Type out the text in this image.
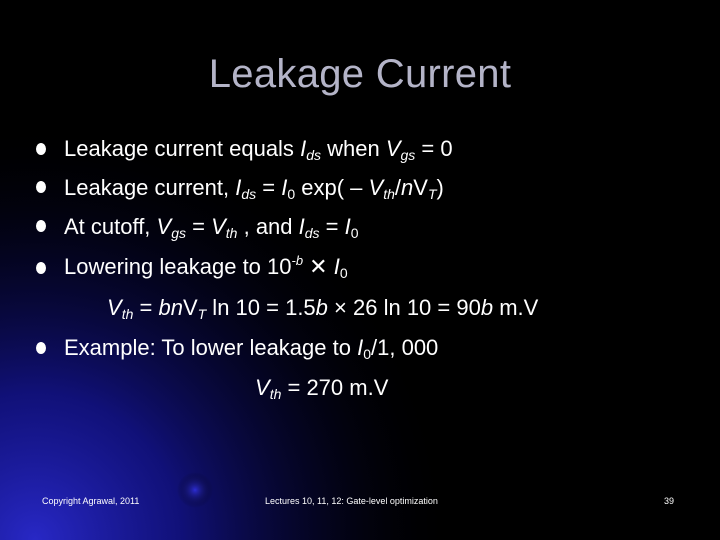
Leakage Current
Leakage current equals $I_{ds}$ when $V_{gs} = 0$
Leakage current, $I_{ds} = I_0$ $\exp( - V_{th}/nV_T)$
At cutoff, $V_{gs} = V_{th}$ , and $I_{ds} = I_0$
Lowering leakage to $10^{-b}$ ✕ $I_0$
$V_{th} = bnV_T$ ln 10 = 1.5b × 26 ln 10 = 90b m.V
Example: To lower leakage to $I_0/1$, 000
$V_{th} = 270$ m.V
Copyright Agrawal, 2011	Lectures 10, 11, 12: Gate-level optimization	39
